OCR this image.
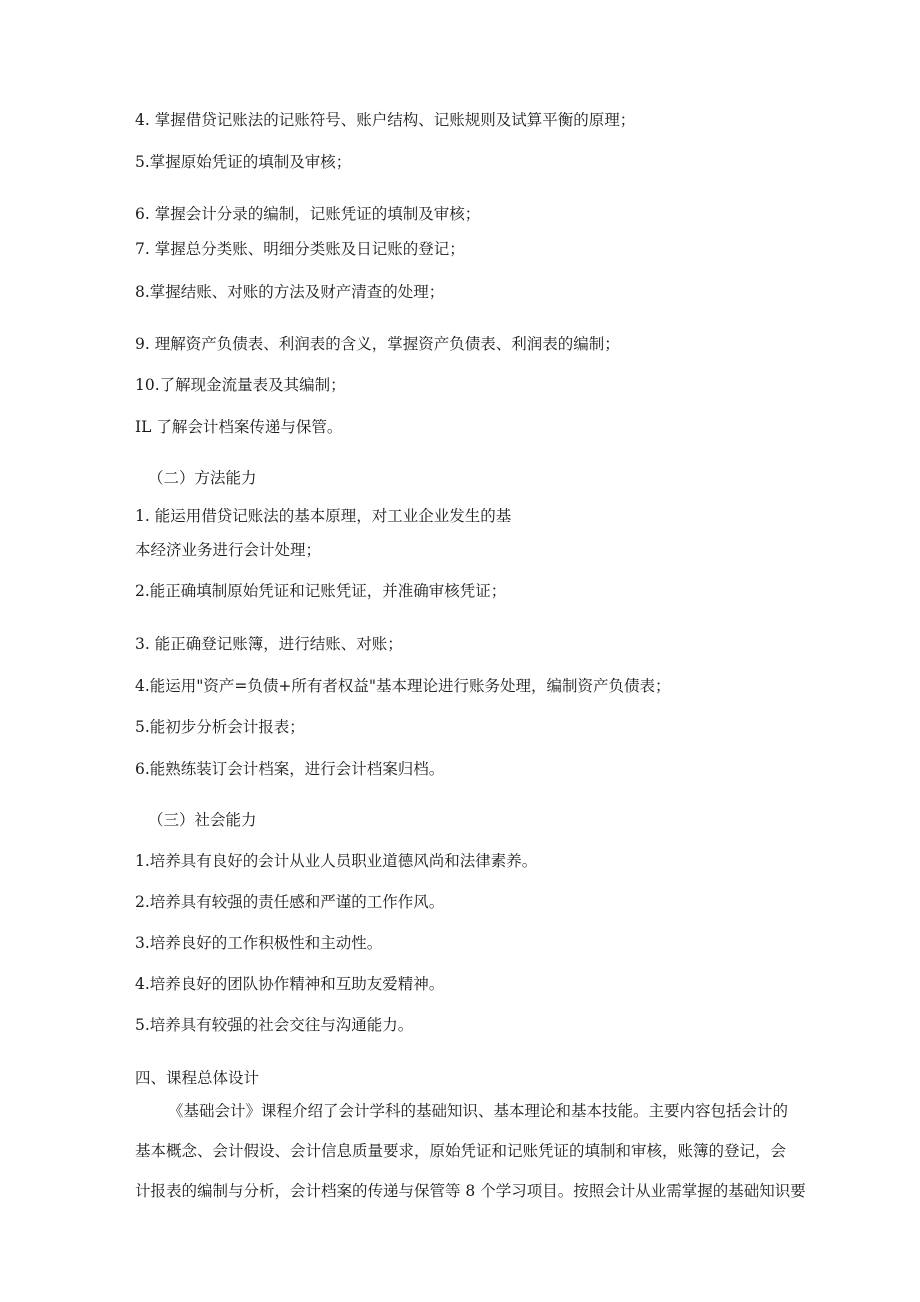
4. 掌握借贷记账法的记账符号、账户结构、记账规则及试算平衡的原理；
5.掌握原始凭证的填制及审核；
6. 掌握会计分录的编制，记账凭证的填制及审核；
7. 掌握总分类账、明细分类账及日记账的登记；
8.掌握结账、对账的方法及财产清查的处理；
9. 理解资产负债表、利润表的含义，掌握资产负债表、利润表的编制；
10.了解现金流量表及其编制；
IL 了解会计档案传递与保管。
（二）方法能力
1. 能运用借贷记账法的基本原理，对工业企业发生的基
本经济业务进行会计处理；
2.能正确填制原始凭证和记账凭证，并准确审核凭证；
3. 能正确登记账簿，进行结账、对账；
4.能运用"资产=负债+所有者权益"基本理论进行账务处理，编制资产负债表；
5.能初步分析会计报表；
6.能熟练装订会计档案，进行会计档案归档。
（三）社会能力
1.培养具有良好的会计从业人员职业道德风尚和法律素养。
2.培养具有较强的责任感和严谨的工作作风。
3.培养良好的工作积极性和主动性。
4.培养良好的团队协作精神和互助友爱精神。
5.培养具有较强的社会交往与沟通能力。
四、课程总体设计
《基础会计》课程介绍了会计学科的基础知识、基本理论和基本技能。主要内容包括会计的
基本概念、会计假设、会计信息质量要求，原始凭证和记账凭证的填制和审核，账簿的登记，会
计报表的编制与分析，会计档案的传递与保管等 8 个学习项目。按照会计从业需掌握的基础知识要
